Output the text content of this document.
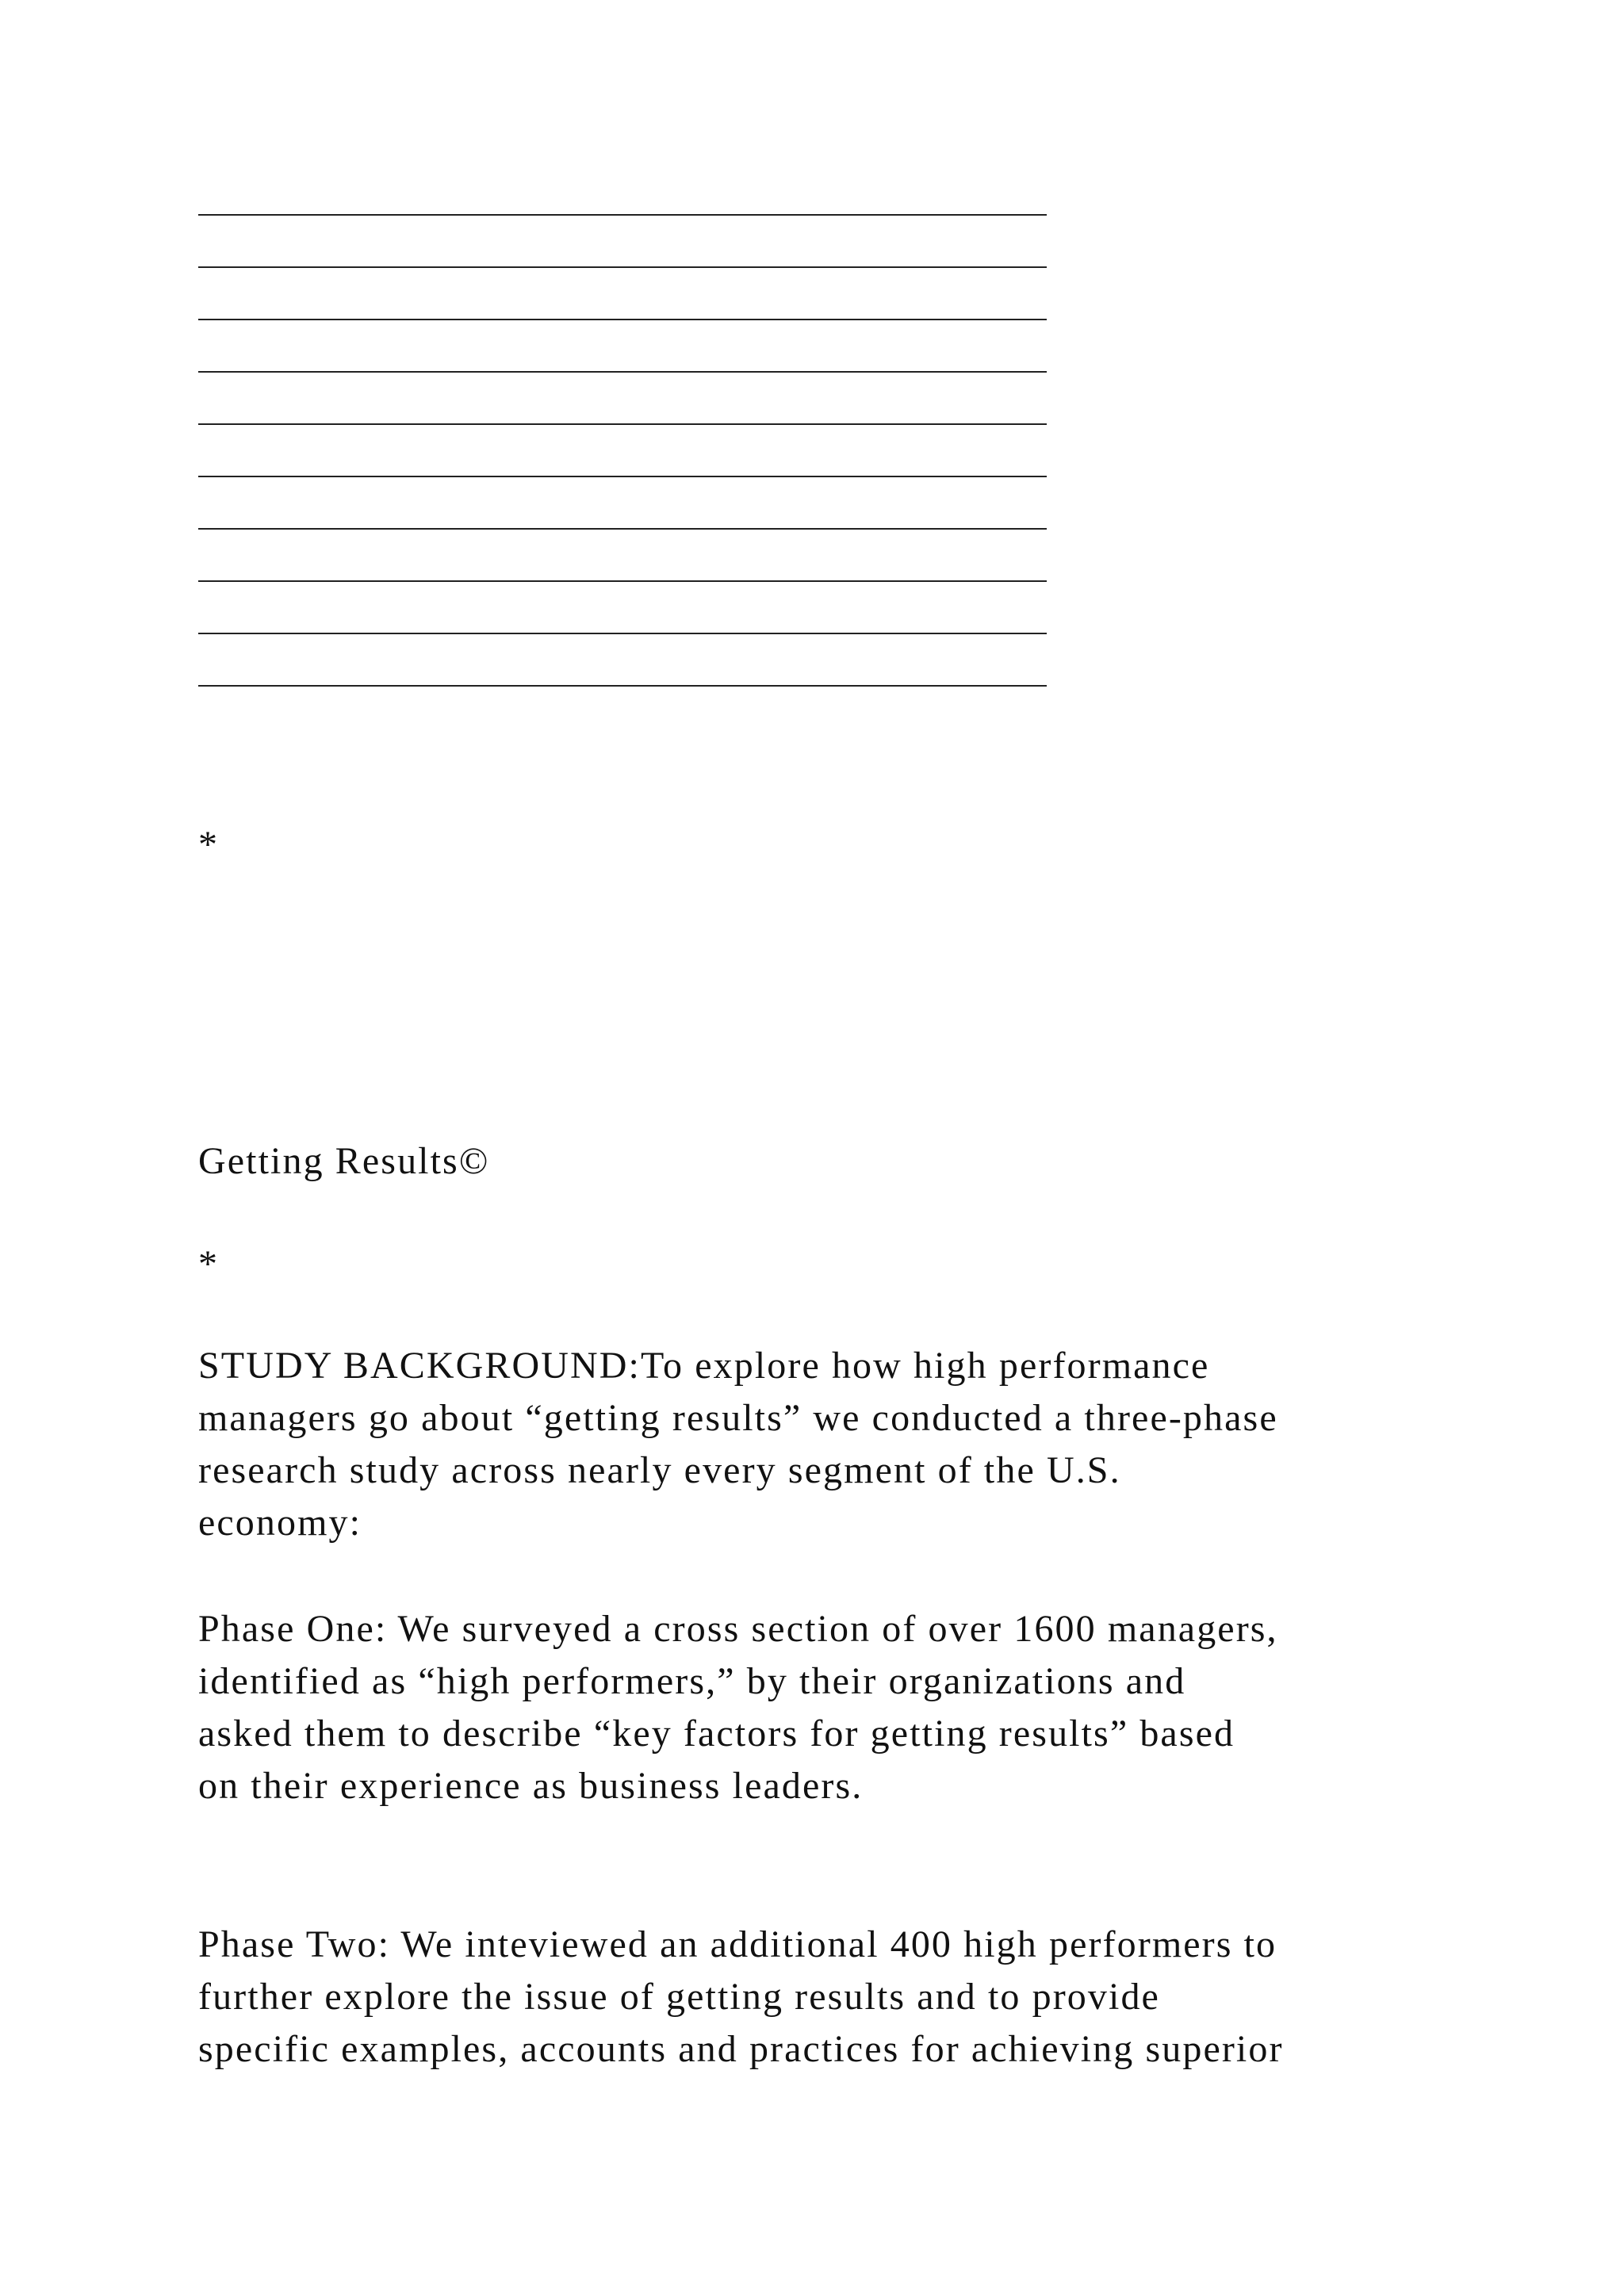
*
Getting Results©
*
STUDY BACKGROUND:To explore how high performance
managers go about “getting results” we conducted a three-phase
research study across nearly every segment of the U.S.
economy:
Phase One: We surveyed a cross section of over 1600 managers,
identified as “high performers,” by their organizations and
asked them to describe “key factors for getting results” based
on their experience as business leaders.
Phase Two: We inteviewed an additional 400 high performers to
further explore the issue of getting results and to provide
specific examples, accounts and practices for achieving superior
